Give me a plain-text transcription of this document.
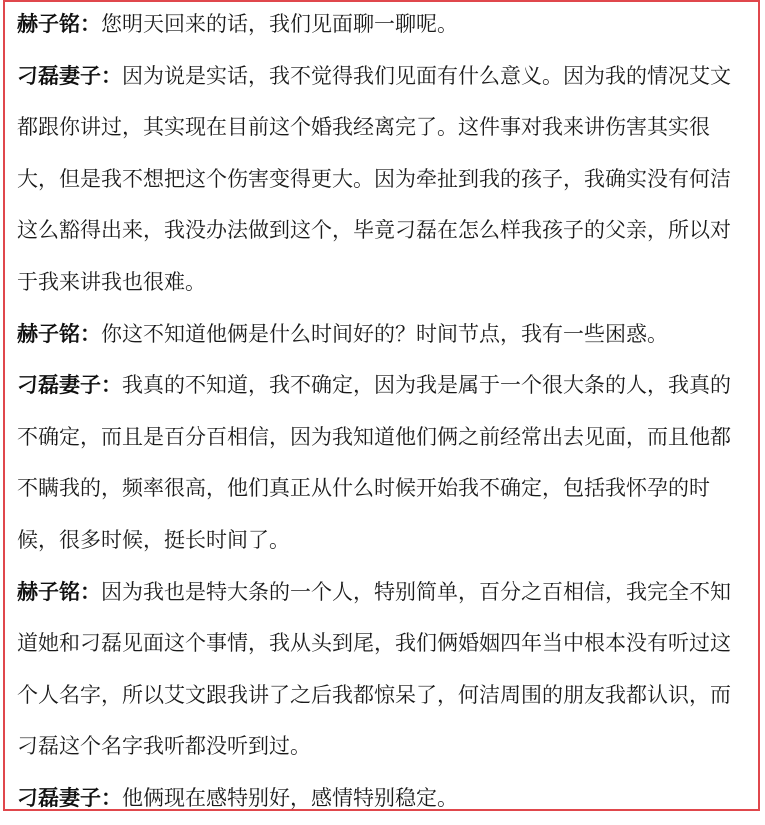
赫子铭：您明天回来的话，我们见面聊一聊呢。

刁磊妻子：因为说是实话，我不觉得我们见面有什么意义。因为我的情况艾文都跟你讲过，其实现在目前这个婚我经离完了。这件事对我来讲伤害其实很大，但是我不想把这个伤害变得更大。因为牵扯到我的孩子，我确实没有何洁这么豁得出来，我没办法做到这个，毕竟刁磊在怎么样我孩子的父亲，所以对于我来讲我也很难。

赫子铭：你这不知道他俩是什么时间好的？时间节点，我有一些困惑。

刁磊妻子：我真的不知道，我不确定，因为我是属于一个很大条的人，我真的不确定，而且是百分百相信，因为我知道他们俩之前经常出去见面，而且他都不瞒我的，频率很高，他们真正从什么时候开始我不确定，包括我怀孕的时候，很多时候，挺长时间了。

赫子铭：因为我也是特大条的一个人，特别简单，百分之百相信，我完全不知道她和刁磊见面这个事情，我从头到尾，我们俩婚姻四年当中根本没有听过这个人名字，所以艾文跟我讲了之后我都惊呆了，何洁周围的朋友我都认识，而刁磊这个名字我听都没听到过。

刁磊妻子：他俩现在感特别好，感情特别稳定。
